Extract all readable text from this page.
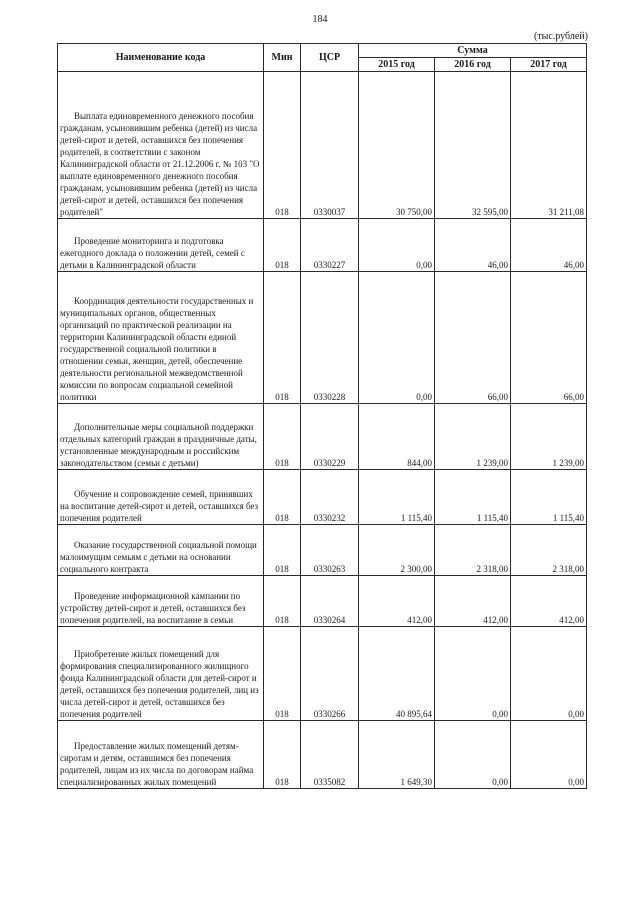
184
(тыс.рублей)
Наименование кода	Мин	ЦСР	Сумма		
			2015 год	2016 год	2017 год
Выплата единовременного денежного пособия гражданам, усыновившим ребенка (детей) из числа детей-сирот и детей, оставшихся без попечения родителей, в соответствии с законом Калининградской области от 21.12.2006 г. № 103 "О выплате единовременного денежного пособия гражданам, усыновившим ребенка (детей) из числа детей-сирот и детей, оставшихся без попечения родителей"	018	0330037	30 750,00	32 595,00	31 211,08
Проведение мониторинга и подготовка ежегодного доклада о положении детей, семей с детьми в Калининградской области	018	0330227	0,00	46,00	46,00
Координация деятельности государственных и муниципальных органов, общественных организаций по практической реализации на территории Калининградской области единой государственной социальной политики в отношении семьи, женщин, детей, обеспечение деятельности региональной межведомственной комиссии по вопросам социальной семейной политики	018	0330228	0,00	66,00	66,00
Дополнительные меры социальной поддержки отдельных категорий граждан в праздничные даты, установленные международным и российским законодательством (семьи с детьми)	018	0330229	844,00	1 239,00	1 239,00
Обучение и сопровождение семей, принявших на воспитание детей-сирот и детей, оставшихся без попечения родителей	018	0330232	1 115,40	1 115,40	1 115,40
Оказание государственной социальной помощи малоимущим семьям с детьми на основании социального контракта	018	0330263	2 300,00	2 318,00	2 318,00
Проведение информационной кампании по устройству детей-сирот и детей, оставшихся без попечения родителей, на воспитание в семьи	018	0330264	412,00	412,00	412,00
Приобретение жилых помещений для формирования специализированного жилищного фонда Калининградской области для детей-сирот и детей, оставшихся без попечения родителей, лиц из числа детей-сирот и детей, оставшихся без попечения родителей	018	0330266	40 895,64	0,00	0,00
Предоставление жилых помещений детям-сиротам и детям, оставшимся без попечения родителей, лицам из их числа по договорам найма специализированных жилых помещений	018	0335082	1 649,30	0,00	0,00
